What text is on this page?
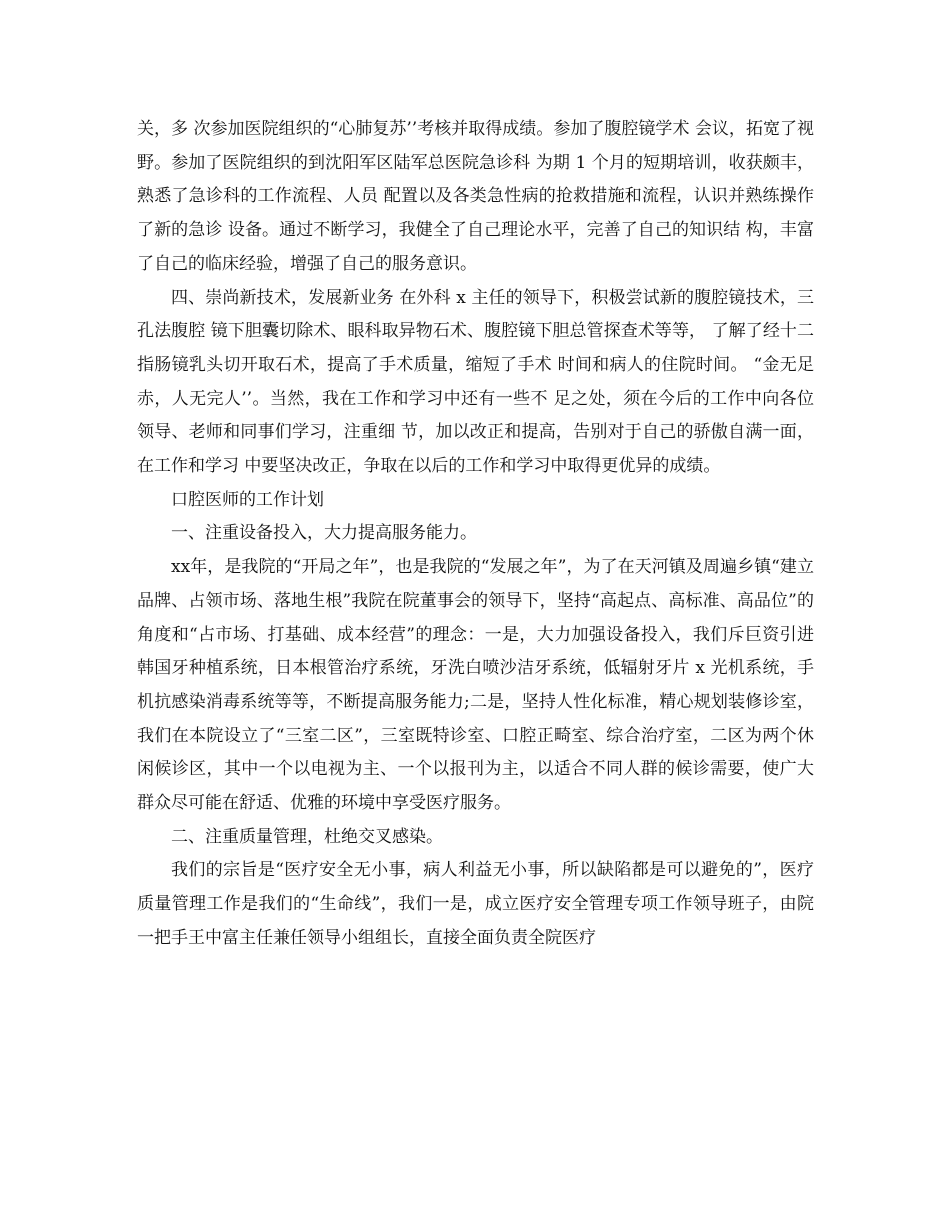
关，多 次参加医院组织的“心肺复苏’’考核并取得成绩。参加了腹腔镜学术 会议，拓宽了视野。参加了医院组织的到沈阳军区陆军总医院急诊科 为期 1 个月的短期培训，收获颇丰，熟悉了急诊科的工作流程、人员 配置以及各类急性病的抢救措施和流程，认识并熟练操作了新的急诊 设备。通过不断学习，我健全了自己理论水平，完善了自己的知识结 构，丰富了自己的临床经验，增强了自己的服务意识。

四、崇尚新技术，发展新业务 在外科 x 主任的领导下，积极尝试新的腹腔镜技术，三孔法腹腔 镜下胆囊切除术、眼科取异物石术、腹腔镜下胆总管探查术等等， 了解了经十二指肠镜乳头切开取石术，提高了手术质量，缩短了手术 时间和病人的住院时间。 “金无足赤，人无完人’’。当然，我在工作和学习中还有一些不 足之处，须在今后的工作中向各位领导、老师和同事们学习，注重细 节，加以改正和提高，告别对于自己的骄傲自满一面，在工作和学习 中要坚决改正，争取在以后的工作和学习中取得更优异的成绩。

口腔医师的工作计划

一、注重设备投入，大力提高服务能力。

xx年，是我院的“开局之年”，也是我院的“发展之年”，为了在天河镇及周遍乡镇“建立品牌、占领市场、落地生根”我院在院董事会的领导下，坚持“高起点、高标准、高品位”的角度和“占市场、打基础、成本经营”的理念：一是，大力加强设备投入，我们斥巨资引进韩国牙种植系统，日本根管治疗系统，牙洗白喷沙洁牙系统，低辐射牙片 x 光机系统，手机抗感染消毒系统等等，不断提高服务能力;二是，坚持人性化标准，精心规划装修诊室，我们在本院设立了“三室二区”，三室既特诊室、口腔正畸室、综合治疗室，二区为两个休闲候诊区，其中一个以电视为主、一个以报刊为主，以适合不同人群的候诊需要，使广大群众尽可能在舒适、优雅的环境中享受医疗服务。

二、注重质量管理，杜绝交叉感染。

我们的宗旨是“医疗安全无小事，病人利益无小事，所以缺陷都是可以避免的”，医疗质量管理工作是我们的“生命线”，我们一是，成立医疗安全管理专项工作领导班子，由院一把手王中富主任兼任领导小组组长，直接全面负责全院医疗
